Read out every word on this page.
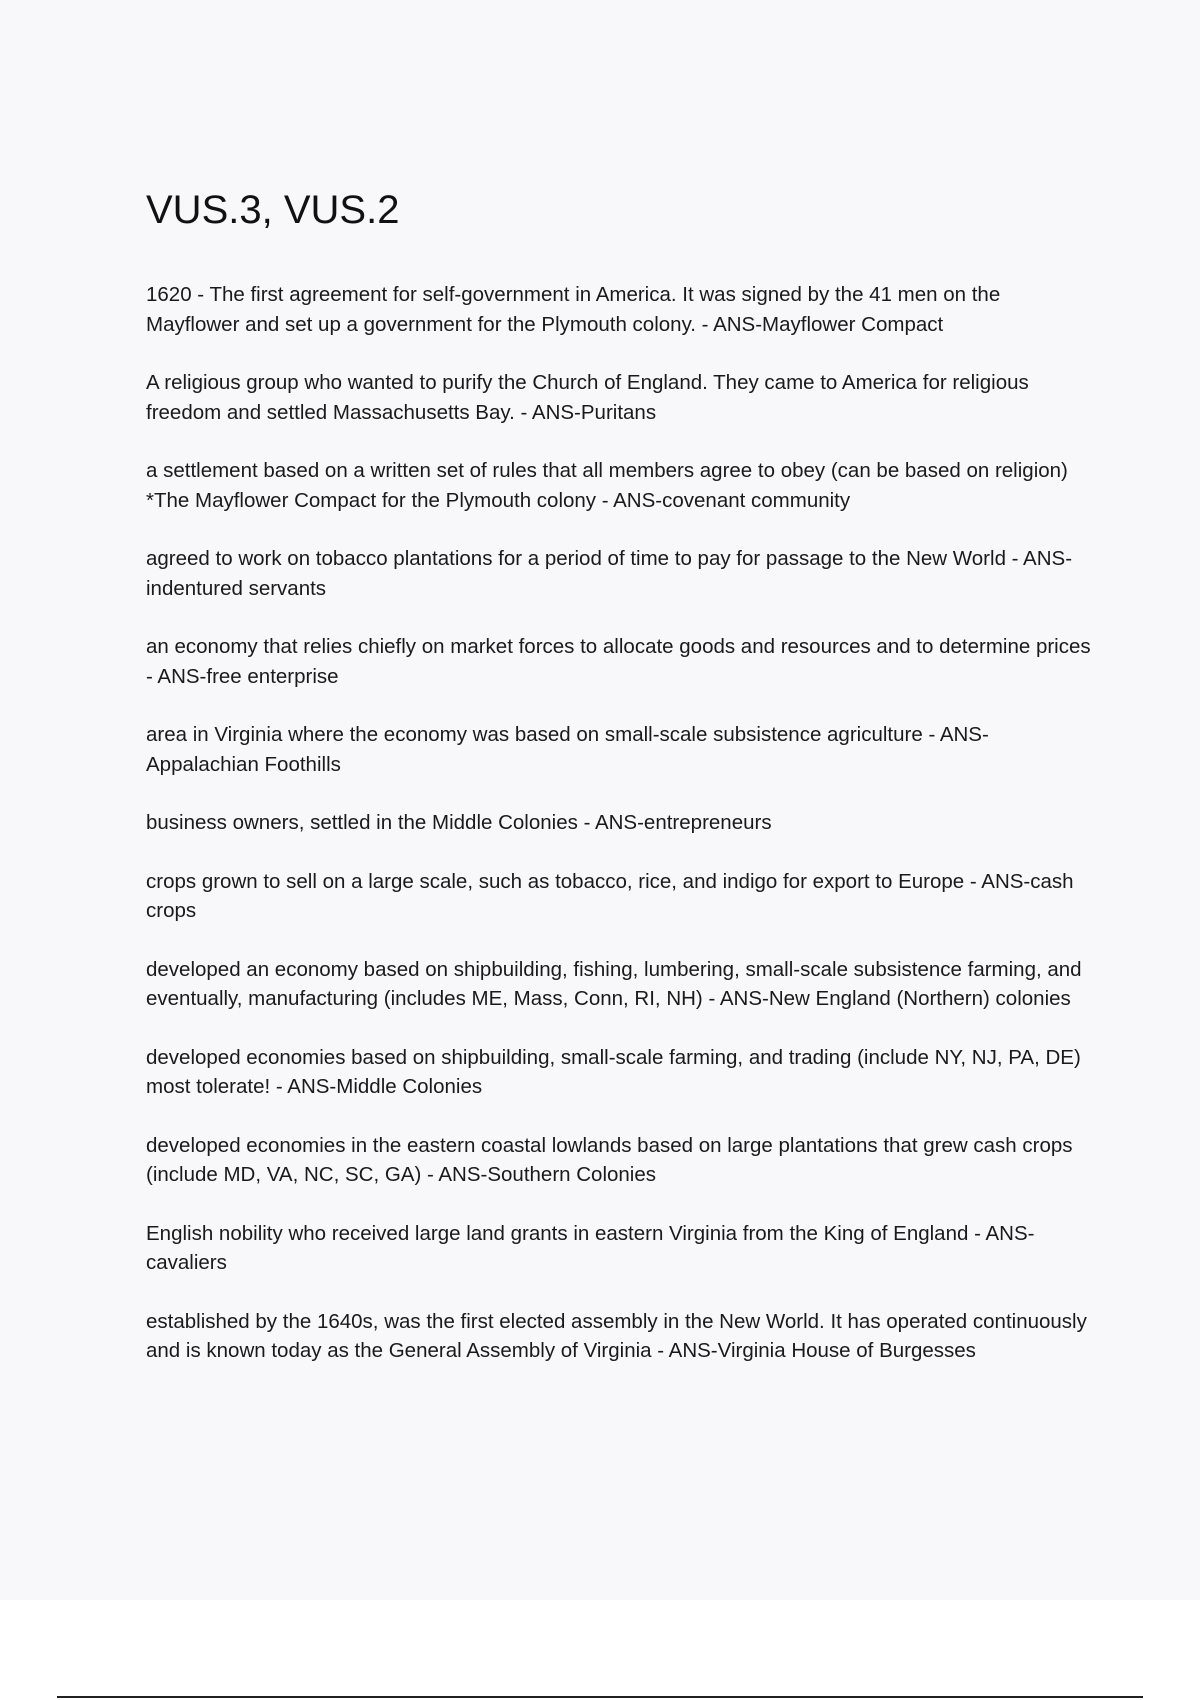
VUS.3, VUS.2
1620 - The first agreement for self-government in America. It was signed by the 41 men on the Mayflower and set up a government for the Plymouth colony. - ANS-Mayflower Compact
A religious group who wanted to purify the Church of England. They came to America for religious freedom and settled Massachusetts Bay. - ANS-Puritans
a settlement based on a written set of rules that all members agree to obey (can be based on religion) *The Mayflower Compact for the Plymouth colony - ANS-covenant community
agreed to work on tobacco plantations for a period of time to pay for passage to the New World - ANS-indentured servants
an economy that relies chiefly on market forces to allocate goods and resources and to determine prices - ANS-free enterprise
area in Virginia where the economy was based on small-scale subsistence agriculture - ANS-Appalachian Foothills
business owners, settled in the Middle Colonies - ANS-entrepreneurs
crops grown to sell on a large scale, such as tobacco, rice, and indigo for export to Europe - ANS-cash crops
developed an economy based on shipbuilding, fishing, lumbering, small-scale subsistence farming, and eventually, manufacturing (includes ME, Mass, Conn, RI, NH) - ANS-New England (Northern) colonies
developed economies based on shipbuilding, small-scale farming, and trading (include NY, NJ, PA, DE) most tolerate! - ANS-Middle Colonies
developed economies in the eastern coastal lowlands based on large plantations that grew cash crops (include MD, VA, NC, SC, GA) - ANS-Southern Colonies
English nobility who received large land grants in eastern Virginia from the King of England - ANS-cavaliers
established by the 1640s, was the first elected assembly in the New World. It has operated continuously and is known today as the General Assembly of Virginia - ANS-Virginia House of Burgesses
